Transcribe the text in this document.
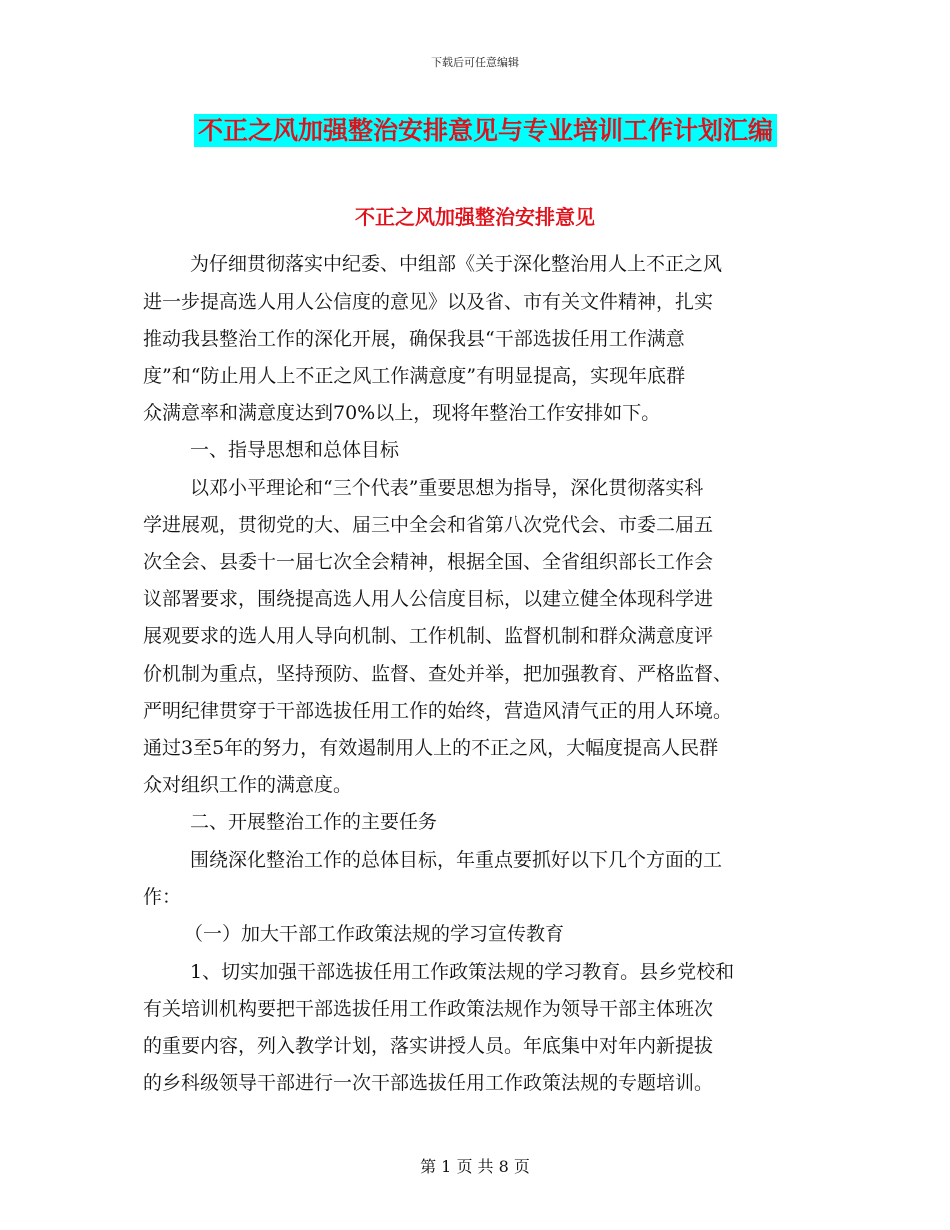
下载后可任意编辑
不正之风加强整治安排意见与专业培训工作计划汇编
不正之风加强整治安排意见
为仔细贯彻落实中纪委、中组部《关于深化整治用人上不正之风
进一步提高选人用人公信度的意见》以及省、市有关文件精神，扎实
推动我县整治工作的深化开展，确保我县“干部选拔任用工作满意
度”和“防止用人上不正之风工作满意度”有明显提高，实现年底群
众满意率和满意度达到70%以上，现将年整治工作安排如下。
一、指导思想和总体目标
以邓小平理论和“三个代表”重要思想为指导，深化贯彻落实科
学进展观，贯彻党的大、届三中全会和省第八次党代会、市委二届五
次全会、县委十一届七次全会精神，根据全国、全省组织部长工作会
议部署要求，围绕提高选人用人公信度目标，以建立健全体现科学进
展观要求的选人用人导向机制、工作机制、监督机制和群众满意度评
价机制为重点，坚持预防、监督、查处并举，把加强教育、严格监督、
严明纪律贯穿于干部选拔任用工作的始终，营造风清气正的用人环境。
通过3至5年的努力，有效遏制用人上的不正之风，大幅度提高人民群
众对组织工作的满意度。
二、开展整治工作的主要任务
围绕深化整治工作的总体目标，年重点要抓好以下几个方面的工
作：
（一）加大干部工作政策法规的学习宣传教育
1、切实加强干部选拔任用工作政策法规的学习教育。县乡党校和
有关培训机构要把干部选拔任用工作政策法规作为领导干部主体班次
的重要内容，列入教学计划，落实讲授人员。年底集中对年内新提拔
的乡科级领导干部进行一次干部选拔任用工作政策法规的专题培训。
第 1 页 共 8 页
